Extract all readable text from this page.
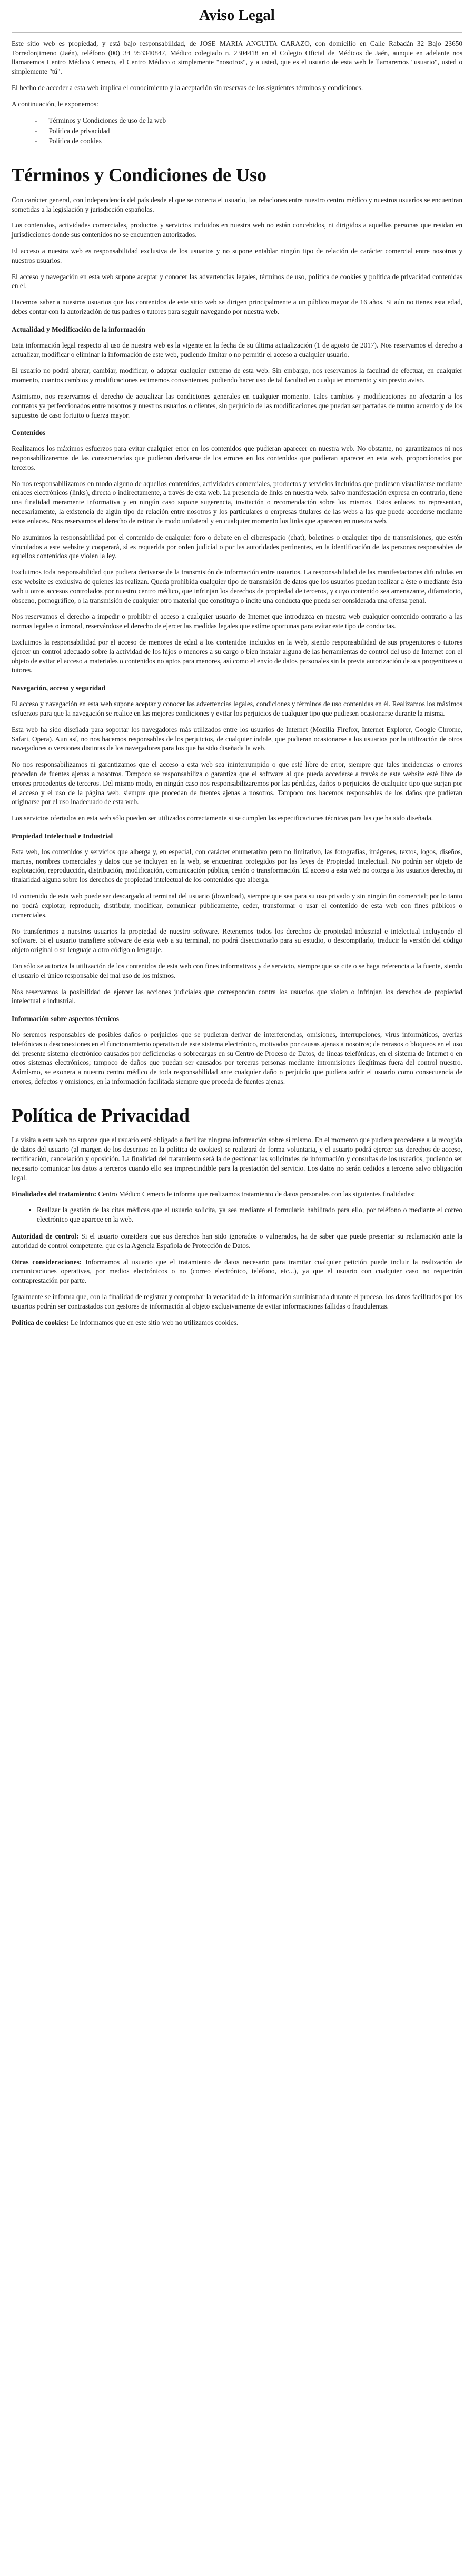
Aviso Legal

Este sitio web es propiedad, y está bajo responsabilidad, de JOSE MARIA ANGUITA CARAZO, con domicilio en Calle Rabadán 32 Bajo 23650 Torredonjimeno (Jaén), teléfono (00) 34 953340847, Médico colegiado n. 2304418 en el Colegio Oficial de Médicos de Jaén, aunque en adelante nos llamaremos Centro Médico Cemeco, el Centro Médico o simplemente "nosotros", y a usted, que es el usuario de esta web le llamaremos "usuario", usted o simplemente "tú".

El hecho de acceder a esta web implica el conocimiento y la aceptación sin reservas de los siguientes términos y condiciones.

A continuación, le exponemos:

- Términos y Condiciones de uso de la web
- Política de privacidad
- Política de cookies
Términos y Condiciones de Uso

Con carácter general, con independencia del país desde el que se conecta el usuario, las relaciones entre nuestro centro médico y nuestros usuarios se encuentran sometidas a la legislación y jurisdicción españolas.

Los contenidos, actividades comerciales, productos y servicios incluidos en nuestra web no están concebidos, ni dirigidos a aquellas personas que residan en jurisdicciones donde sus contenidos no se encuentren autorizados.

El acceso a nuestra web es responsabilidad exclusiva de los usuarios y no supone entablar ningún tipo de relación de carácter comercial entre nosotros y nuestros usuarios.

El acceso y navegación en esta web supone aceptar y conocer las advertencias legales, términos de uso, política de cookies y política de privacidad contenidas en el.

Hacemos saber a nuestros usuarios que los contenidos de este sitio web se dirigen principalmente a un público mayor de 16 años. Si aún no tienes esta edad, debes contar con la autorización de tus padres o tutores para seguir navegando por nuestra web.

Actualidad y Modificación de la información

Esta información legal respecto al uso de nuestra web es la vigente en la fecha de su última actualización (1 de agosto de 2017). Nos reservamos el derecho a actualizar, modificar o eliminar la información de este web, pudiendo limitar o no permitir el acceso a cualquier usuario.

El usuario no podrá alterar, cambiar, modificar, o adaptar cualquier extremo de esta web. Sin embargo, nos reservamos la facultad de efectuar, en cualquier momento, cuantos cambios y modificaciones estimemos convenientes, pudiendo hacer uso de tal facultad en cualquier momento y sin previo aviso.

Asimismo, nos reservamos el derecho de actualizar las condiciones generales en cualquier momento. Tales cambios y modificaciones no afectarán a los contratos ya perfeccionados entre nosotros y nuestros usuarios o clientes, sin perjuicio de las modificaciones que puedan ser pactadas de mutuo acuerdo y de los supuestos de caso fortuito o fuerza mayor.

Contenidos

Realizamos los máximos esfuerzos para evitar cualquier error en los contenidos que pudieran aparecer en nuestra web. No obstante, no garantizamos ni nos responsabilizaremos de las consecuencias que pudieran derivarse de los errores en los contenidos que pudieran aparecer en esta web, proporcionados por terceros.

No nos responsabilizamos en modo alguno de aquellos contenidos, actividades comerciales, productos y servicios incluidos que pudiesen visualizarse mediante enlaces electrónicos (links), directa o indirectamente, a través de esta web. La presencia de links en nuestra web, salvo manifestación expresa en contrario, tiene una finalidad meramente informativa y en ningún caso supone sugerencia, invitación o recomendación sobre los mismos. Estos enlaces no representan, necesariamente, la existencia de algún tipo de relación entre nosotros y los particulares o empresas titulares de las webs a las que puede accederse mediante estos enlaces. Nos reservamos el derecho de retirar de modo unilateral y en cualquier momento los links que aparecen en nuestra web.

No asumimos la responsabilidad por el contenido de cualquier foro o debate en el ciberespacio (chat), boletines o cualquier tipo de transmisiones, que estén vinculados a este website y cooperará, si es requerida por orden judicial o por las autoridades pertinentes, en la identificación de las personas responsables de aquellos contenidos que violen la ley.

Excluimos toda responsabilidad que pudiera derivarse de la transmisión de información entre usuarios. La responsabilidad de las manifestaciones difundidas en este website es exclusiva de quienes las realizan. Queda prohibida cualquier tipo de transmisión de datos que los usuarios puedan realizar a éste o mediante ésta web u otros accesos controlados por nuestro centro médico, que infrinjan los derechos de propiedad de terceros, y cuyo contenido sea amenazante, difamatorio, obsceno, pornográfico, o la transmisión de cualquier otro material que constituya o incite una conducta que pueda ser considerada una ofensa penal.

Nos reservamos el derecho a impedir o prohibir el acceso a cualquier usuario de Internet que introduzca en nuestra web cualquier contenido contrario a las normas legales o inmoral, reservándose el derecho de ejercer las medidas legales que estime oportunas para evitar este tipo de conductas.

Excluimos la responsabilidad por el acceso de menores de edad a los contenidos incluidos en la Web, siendo responsabilidad de sus progenitores o tutores ejercer un control adecuado sobre la actividad de los hijos o menores a su cargo o bien instalar alguna de las herramientas de control del uso de Internet con el objeto de evitar el acceso a materiales o contenidos no aptos para menores, así como el envío de datos personales sin la previa autorización de sus progenitores o tutores.

Navegación, acceso y seguridad

El acceso y navegación en esta web supone aceptar y conocer las advertencias legales, condiciones y términos de uso contenidas en él. Realizamos los máximos esfuerzos para que la navegación se realice en las mejores condiciones y evitar los perjuicios de cualquier tipo que pudiesen ocasionarse durante la misma.

Esta web ha sido diseñada para soportar los navegadores más utilizados entre los usuarios de Internet (Mozilla Firefox, Internet Explorer, Google Chrome, Safari, Opera). Aun así, no nos hacemos responsables de los perjuicios, de cualquier índole, que pudieran ocasionarse a los usuarios por la utilización de otros navegadores o versiones distintas de los navegadores para los que ha sido diseñada la web.

No nos responsabilizamos ni garantizamos que el acceso a esta web sea ininterrumpido o que esté libre de error, siempre que tales incidencias o errores procedan de fuentes ajenas a nosotros. Tampoco se responsabiliza o garantiza que el software al que pueda accederse a través de este website esté libre de errores procedentes de terceros. Del mismo modo, en ningún caso nos responsabilizaremos por las pérdidas, daños o perjuicios de cualquier tipo que surjan por el acceso y el uso de la página web, siempre que procedan de fuentes ajenas a nosotros. Tampoco nos hacemos responsables de los daños que pudieran originarse por el uso inadecuado de esta web.

Los servicios ofertados en esta web sólo pueden ser utilizados correctamente si se cumplen las especificaciones técnicas para las que ha sido diseñada.

Propiedad Intelectual e Industrial

Esta web, los contenidos y servicios que alberga y, en especial, con carácter enumerativo pero no limitativo, las fotografías, imágenes, textos, logos, diseños, marcas, nombres comerciales y datos que se incluyen en la web, se encuentran protegidos por las leyes de Propiedad Intelectual. No podrán ser objeto de explotación, reproducción, distribución, modificación, comunicación pública, cesión o transformación. El acceso a esta web no otorga a los usuarios derecho, ni titularidad alguna sobre los derechos de propiedad intelectual de los contenidos que alberga.

El contenido de esta web puede ser descargado al terminal del usuario (download), siempre que sea para su uso privado y sin ningún fin comercial; por lo tanto no podrá explotar, reproducir, distribuir, modificar, comunicar públicamente, ceder, transformar o usar el contenido de esta web con fines públicos o comerciales.

No transferimos a nuestros usuarios la propiedad de nuestro software. Retenemos todos los derechos de propiedad industrial e intelectual incluyendo el software. Si el usuario transfiere software de esta web a su terminal, no podrá diseccionarlo para su estudio, o descompilarlo, traducir la versión del código objeto original o su lenguaje a otro código o lenguaje.

Tan sólo se autoriza la utilización de los contenidos de esta web con fines informativos y de servicio, siempre que se cite o se haga referencia a la fuente, siendo el usuario el único responsable del mal uso de los mismos.

Nos reservamos la posibilidad de ejercer las acciones judiciales que correspondan contra los usuarios que violen o infrinjan los derechos de propiedad intelectual e industrial.

Información sobre aspectos técnicos

No seremos responsables de posibles daños o perjuicios que se pudieran derivar de interferencias, omisiones, interrupciones, virus informáticos, averías telefónicas o desconexiones en el funcionamiento operativo de este sistema electrónico, motivadas por causas ajenas a nosotros; de retrasos o bloqueos en el uso del presente sistema electrónico causados por deficiencias o sobrecargas en su Centro de Proceso de Datos, de líneas telefónicas, en el sistema de Internet o en otros sistemas electrónicos; tampoco de daños que puedan ser causados por terceras personas mediante intromisiones ilegítimas fuera del control nuestro. Asimismo, se exonera a nuestro centro médico de toda responsabilidad ante cualquier daño o perjuicio que pudiera sufrir el usuario como consecuencia de errores, defectos y omisiones, en la información facilitada siempre que proceda de fuentes ajenas.

Política de Privacidad

La visita a esta web no supone que el usuario esté obligado a facilitar ninguna información sobre sí mismo. En el momento que pudiera procederse a la recogida de datos del usuario (al margen de los descritos en la política de cookies) se realizará de forma voluntaria, y el usuario podrá ejercer sus derechos de acceso, rectificación, cancelación y oposición. La finalidad del tratamiento será la de gestionar las solicitudes de información y consultas de los usuarios, pudiendo ser necesario comunicar los datos a terceros cuando ello sea imprescindible para la prestación del servicio. Los datos no serán cedidos a terceros salvo obligación legal.

Finalidades del tratamiento: Centro Médico Cemeco le informa que realizamos tratamiento de datos personales con las siguientes finalidades:

• Realizar la gestión de las citas médicas que el usuario solicita, ya sea mediante el formulario habilitado para ello, por teléfono o mediante el correo electrónico que aparece en la web.

Autoridad de control: Si el usuario considera que sus derechos han sido ignorados o vulnerados, ha de saber que puede presentar su reclamación ante la autoridad de control competente, que es la Agencia Española de Protección de Datos.

Otras consideraciones: Informamos al usuario que el tratamiento de datos necesario para tramitar cualquier petición puede incluir la realización de comunicaciones operativas, por medios electrónicos o no (correo electrónico, teléfono, etc...), ya que el usuario con cualquier caso no requerirán contraprestación por parte.

Igualmente se informa que, con la finalidad de registrar y comprobar la veracidad de la información suministrada durante el proceso, los datos facilitados por los usuarios podrán ser contrastados con gestores de información al objeto exclusivamente de evitar informaciones fallidas o fraudulentas.

Política de cookies: Le informamos que en este sitio web no utilizamos cookies.
